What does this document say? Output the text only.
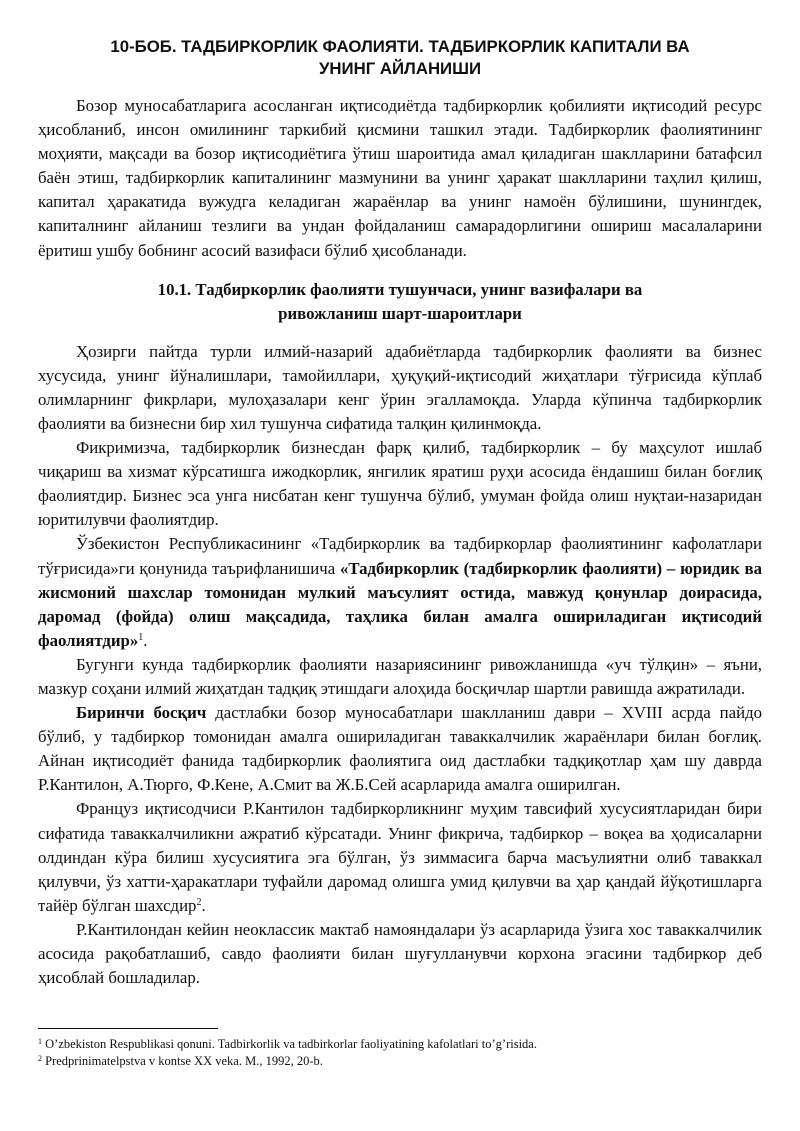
10-БОБ. ТАДБИРКОРЛИК ФАОЛИЯТИ. ТАДБИРКОРЛИК КАПИТАЛИ ВА
УНИНГ АЙЛАНИШИ

Бозор муносабатларига асосланган иқтисодиётда тадбиркорлик қобилияти иқтисодий ресурс ҳисобланиб, инсон омилининг таркибий қисмини ташкил этади. Тадбиркорлик фаолиятининг моҳияти, мақсади ва бозор иқтисодиётига ўтиш шароитида амал қиладиган шаклларини батафсил баён этиш, тадбиркорлик капиталининг мазмунини ва унинг ҳаракат шаклларини таҳлил қилиш, капитал ҳаракатида вужудга келадиган жараёнлар ва унинг намоён бўлишини, шунингдек, капиталнинг айланиш тезлиги ва ундан фойдаланиш самарадорлигини ошириш масалаларини ёритиш ушбу бобнинг асосий вазифаси бўлиб ҳисобланади.

10.1. Тадбиркорлик фаолияти тушунчаси, унинг вазифалари ва
ривожланиш шарт-шароитлари

Ҳозирги пайтда турли илмий-назарий адабиётларда тадбиркорлик фаолияти ва бизнес хусусида, унинг йўналишлари, тамойиллари, ҳуқуқий-иқтисодий жиҳатлари тўғрисида кўплаб олимларнинг фикрлари, мулоҳазалари кенг ўрин эгалламоқда. Уларда кўпинча тадбиркорлик фаолияти ва бизнесни бир хил тушунча сифатида талқин қилинмоқда.

Фикримизча, тадбиркорлик бизнесдан фарқ қилиб, тадбиркорлик – бу маҳсулот ишлаб чиқариш ва хизмат кўрсатишга ижодкорлик, янгилик яратиш руҳи асосида ёндашиш билан боғлиқ фаолиятдир. Бизнес эса унга нисбатан кенг тушунча бўлиб, умуман фойда олиш нуқтаи-назаридан юритилувчи фаолиятдир.

Ўзбекистон Республикасининг «Тадбиркорлик ва тадбиркорлар фаолиятининг кафолатлари тўғрисида»ги қонунида таърифланишича «Тадбиркорлик (тадбиркорлик фаолияти) – юридик ва жисмоний шахслар томонидан мулкий маъсулият остида, мавжуд қонунлар доирасида, даромад (фойда) олиш мақсадида, таҳлика билан амалга ошириладиган иқтисодий фаолиятдир»$^1$.

Бугунги кунда тадбиркорлик фаолияти назариясининг ривожланишда «уч тўлқин» – яъни, мазкур соҳани илмий жиҳатдан тадқиқ этишдаги алоҳида босқичлар шартли равишда ажратилади.

Биринчи босқич дастлабки бозор муносабатлари шаклланиш даври – XVIII асрда пайдо бўлиб, у тадбиркор томонидан амалга ошириладиган таваккалчилик жараёнлари билан боғлиқ. Айнан иқтисодиёт фанида тадбиркорлик фаолиятига оид дастлабки тадқиқотлар ҳам шу даврда Р.Кантилон, А.Тюрго, Ф.Кене, А.Смит ва Ж.Б.Сей асарларида амалга оширилган.

Француз иқтисодчиси Р.Кантилон тадбиркорликнинг муҳим тавсифий хусусиятларидан бири сифатида таваккалчиликни ажратиб кўрсатади. Унинг фикрича, тадбиркор – воқеа ва ҳодисаларни олдиндан кўра билиш хусусиятига эга бўлган, ўз зиммасига барча масъулиятни олиб таваккал қилувчи, ўз хатти-ҳаракатлари туфайли даромад олишга умид қилувчи ва ҳар қандай йўқотишларга тайёр бўлган шахсдир$^2$.

Р.Кантилондан кейин неоклассик мактаб намояндалари ўз асарларида ўзига хос таваккалчилик асосида рақобатлашиб, савдо фаолияти билан шуғулланувчи корхона эгасини тадбиркор деб ҳисоблай бошладилар.

$^1$ O’zbekiston Respublikasi qonuni. Tadbirkorlik va tadbirkorlar faoliyatining kafolatlari to’g’risida.
$^2$ Predprinimatelpstva v kontse XX veka. M., 1992, 20-b.
